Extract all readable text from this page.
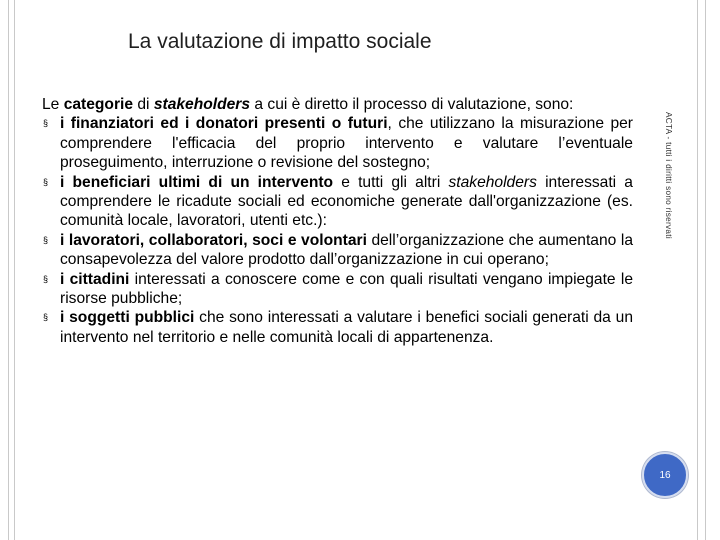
La valutazione di impatto sociale

Le categorie di stakeholders a cui è diretto il processo di valutazione, sono:

§ i finanziatori ed i donatori presenti o futuri, che utilizzano la misurazione per comprendere l'efficacia del proprio intervento e valutare l’eventuale proseguimento, interruzione o revisione del sostegno;
§ i beneficiari ultimi di un intervento e tutti gli altri stakeholders interessati a comprendere le ricadute sociali ed economiche generate dall'organizzazione (es. comunità locale, lavoratori, utenti etc.):
§ i lavoratori, collaboratori, soci e volontari dell’organizzazione che aumentano la consapevolezza del valore prodotto dall’organizzazione in cui operano;
§ i cittadini interessati a conoscere come e con quali risultati vengano impiegate le risorse pubbliche;
§ i soggetti pubblici che sono interessati a valutare i benefici sociali generati da un intervento nel territorio e nelle comunità locali di appartenenza.
ACTA - tutti i diritti sono riservati
16
